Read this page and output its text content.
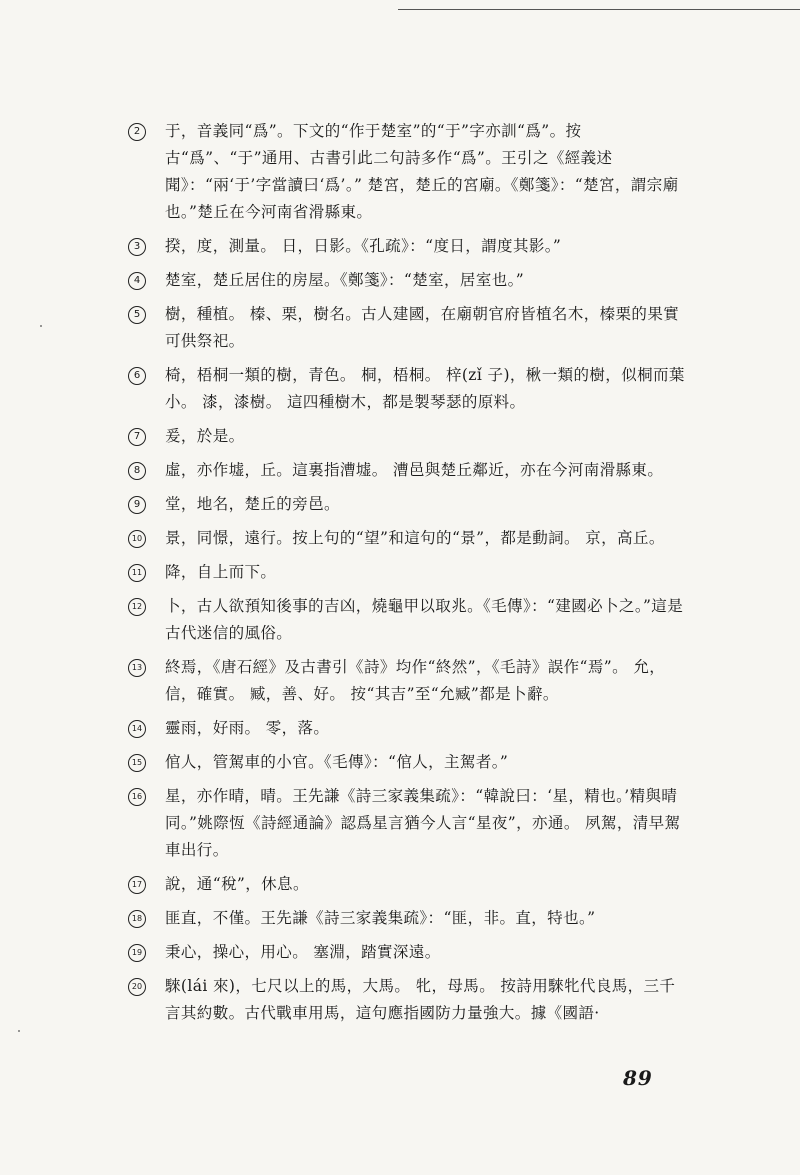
2	于，音義同“爲”。下文的“作于楚室”的“于”字亦訓“爲”。按古“爲”、“于”通用、古書引此二句詩多作“爲”。王引之《經義述聞》：“兩‘于’字當讀曰‘爲’。” 楚宮，楚丘的宮廟。《鄭箋》：“楚宮，謂宗廟也。”楚丘在今河南省滑縣東。
3	揆，度，測量。 日，日影。《孔疏》：“度日，謂度其影。”
4	楚室，楚丘居住的房屋。《鄭箋》：“楚室，居室也。”
5	樹，種植。 榛、栗，樹名。古人建國，在廟朝官府皆植名木，榛栗的果實可供祭祀。
6	椅，梧桐一類的樹，青色。 桐，梧桐。 梓(zǐ 子)，楸一類的樹，似桐而葉小。 漆，漆樹。 這四種樹木，都是製琴瑟的原料。
7	爰，於是。
8	虛，亦作墟，丘。這裏指漕墟。 漕邑與楚丘鄰近，亦在今河南滑縣東。
9	堂，地名，楚丘的旁邑。
10 景，同憬，遠行。按上句的“望”和這句的“景”，都是動詞。 京，高丘。
11 降，自上而下。
12 卜，古人欲預知後事的吉凶，燒龜甲以取兆。《毛傳》：“建國必卜之。”這是古代迷信的風俗。
13 終焉，《唐石經》及古書引《詩》均作“終然”，《毛詩》誤作“焉”。 允，信，確實。 臧，善、好。 按“其吉”至“允臧”都是卜辭。
14 靈雨，好雨。 零，落。
15 倌人，管駕車的小官。《毛傳》：“倌人，主駕者。”
16 星，亦作晴，晴。王先謙《詩三家義集疏》：“韓說曰：‘星，精也。’精與晴同。”姚際恆《詩經通論》認爲星言猶今人言“星夜”，亦通。 夙駕，清早駕車出行。
17 說，通“稅”，休息。
18 匪直，不僅。王先謙《詩三家義集疏》：“匪，非。直，特也。”
19 秉心，操心，用心。 塞淵，踏實深遠。
20 騋(lái 來)，七尺以上的馬，大馬。 牝，母馬。 按詩用騋牝代良馬，三千言其約數。古代戰車用馬，這句應指國防力量強大。據《國語·
89
